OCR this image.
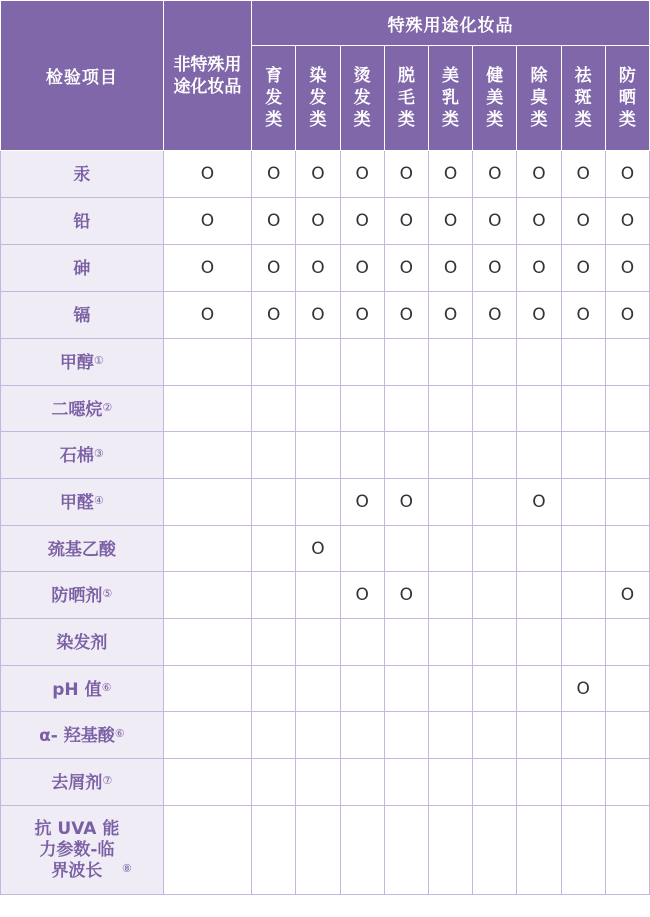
检验项目	非特殊用途化妆品	特殊用途化妆品								
		育发类	染发类	烫发类	脱毛类	美乳类	健美类	除臭类	祛斑类	防晒类
汞	O	O	O	O	O	O	O	O	O	O
铅	O	O	O	O	O	O	O	O	O	O
砷	O	O	O	O	O	O	O	O	O	O
镉	O	O	O	O	O	O	O	O	O	O
甲醇①										
二噁烷②										
石棉③										
甲醛④				O	O			O		
巯基乙酸			O							
防晒剂⑤				O	O					O
染发剂										
pH 值⑥									O	
α- 羟基酸⑥										
去屑剂⑦										
抗 UVA 能力参数-临界波长 ⑧										
